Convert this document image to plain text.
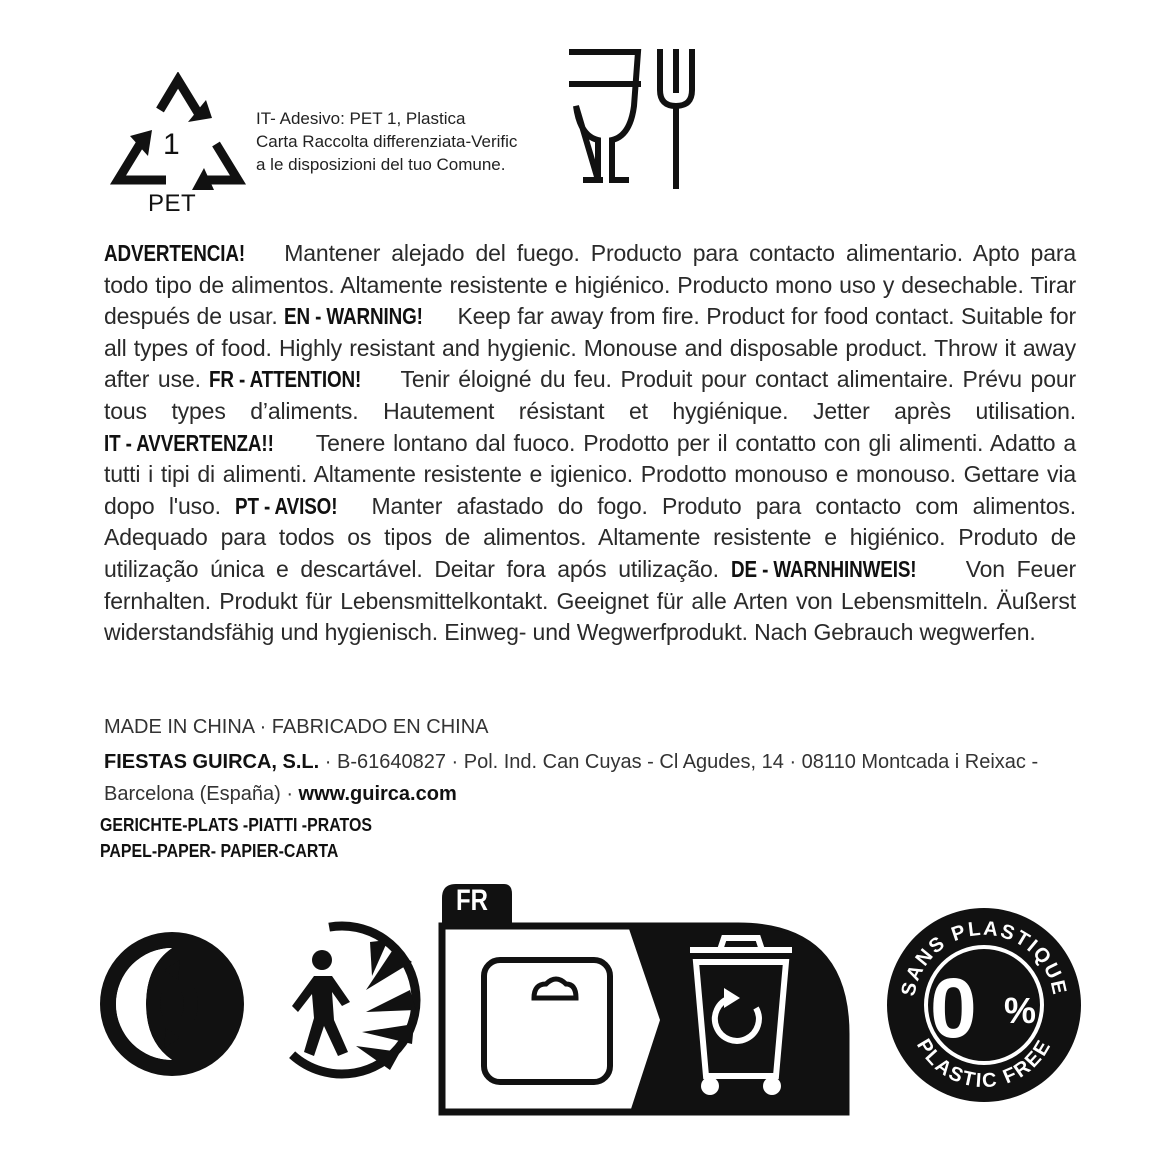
1
PET
IT- Adesivo: PET 1, Plastica
Carta Raccolta differenziata-Verific
a le disposizioni del tuo Comune.
ADVERTENCIA! Mantener alejado del fuego. Producto para contacto alimentario. Apto para todo tipo de alimentos. Altamente resistente e higiénico. Producto mono uso y desechable. Tirar después de usar. EN - WARNING! Keep far away from fire. Product for food contact. Suitable for all types of food. Highly resistant and hygienic. Monouse and disposable product. Throw it away after use. FR - ATTENTION! Tenir éloigné du feu. Produit pour contact alimentaire. Prévu pour tous types d’aliments. Hautement résistant et hygiénique. Jetter après utilisation. IT - AVVERTENZA!! Tenere lontano dal fuoco. Prodotto per il contatto con gli alimenti. Adatto a tutti i tipi di alimenti. Altamente resistente e igienico. Prodotto monouso e monouso. Gettare via dopo l'uso. PT - AVISO! Manter afastado do fogo. Produto para contacto com alimentos. Adequado para todos os tipos de alimentos. Altamente resistente e higiénico. Produto de utilização única e descartável. Deitar fora após utilização. DE - WARNHINWEIS! Von Feuer fernhalten. Produkt für Lebensmittelkontakt. Geeignet für alle Arten von Lebensmitteln. Äußerst widerstandsfähig und hygienisch. Einweg- und Wegwerfprodukt. Nach Gebrauch wegwerfen.
MADE IN CHINA · FABRICADO EN CHINA
FIESTAS GUIRCA, S.L. · B-61640827 · Pol. Ind. Can Cuyas - Cl Agudes, 14 · 08110 Montcada i Reixac - Barcelona (España) · www.guirca.com
GERICHTE-PLATS -PIATTI -PRATOS
PAPEL-PAPER- PAPIER-CARTA
FR
SANS PLASTIQUE
PLASTIC FREE
0 %
